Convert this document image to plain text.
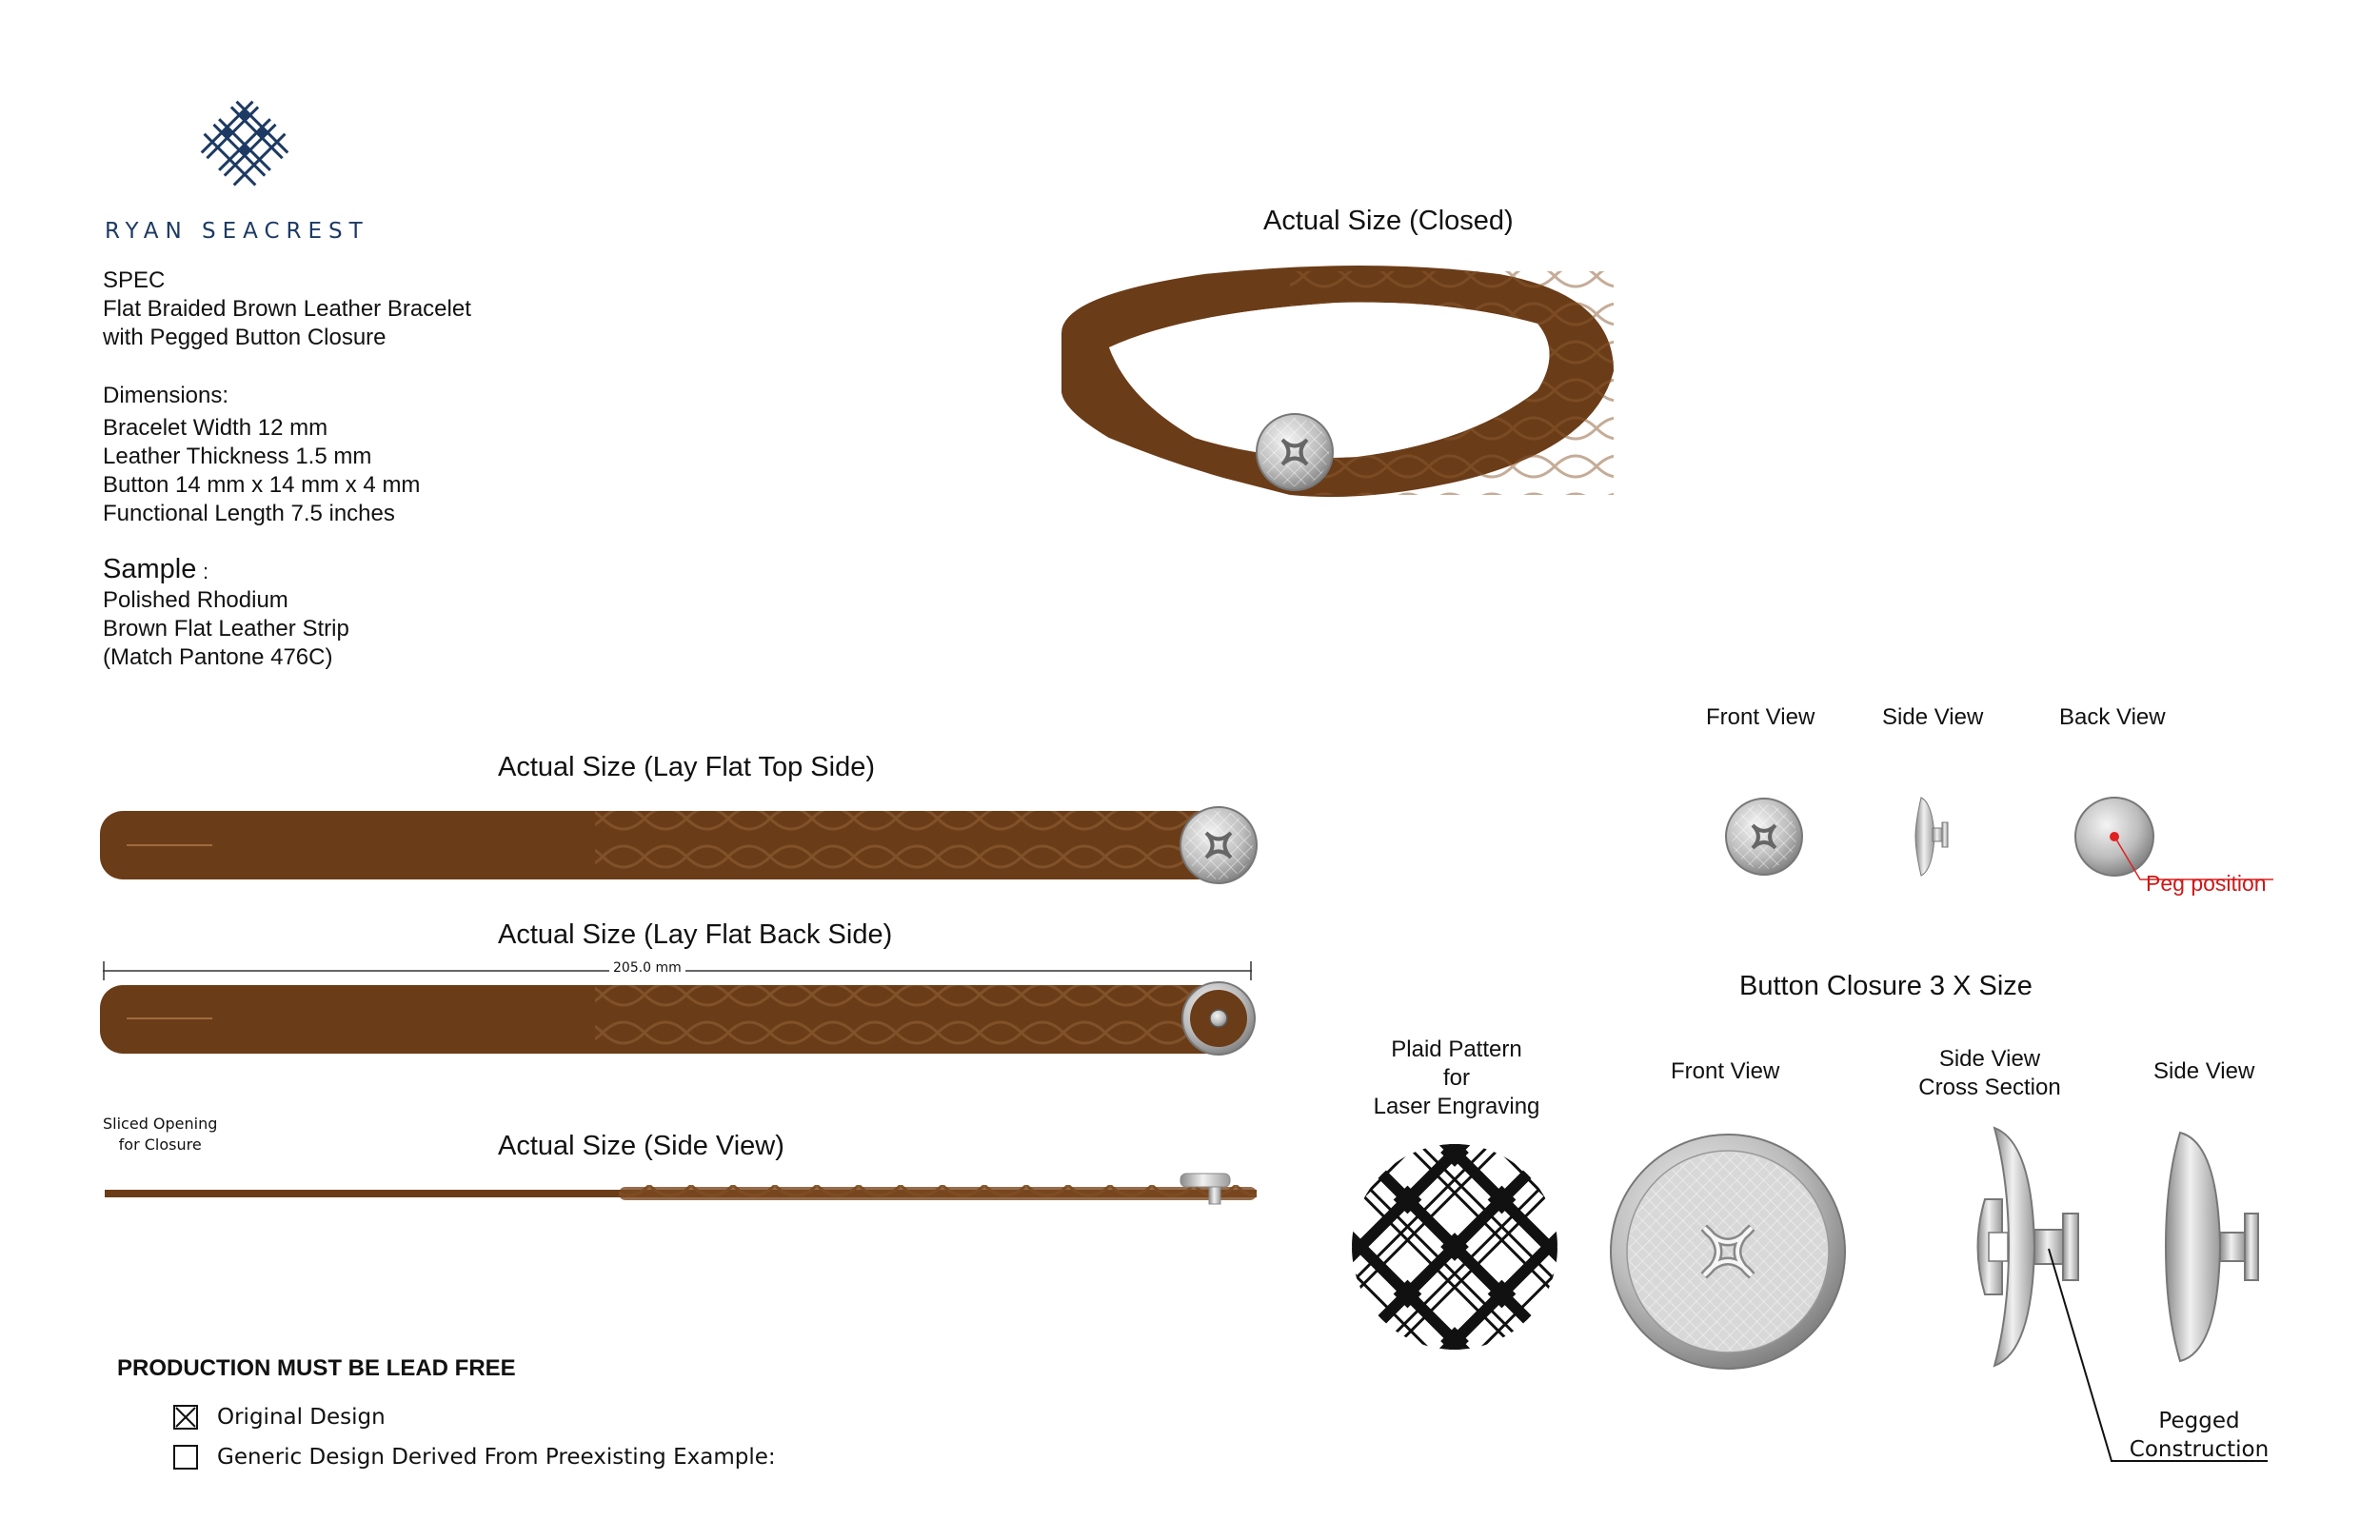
RYAN SEACREST
SPEC
Flat Braided Brown Leather Bracelet
with Pegged Button Closure
Dimensions:
Bracelet Width 12 mm
Leather Thickness 1.5 mm
Button 14 mm x 14 mm x 4 mm
Functional Length 7.5 inches
Sample :
Polished Rhodium
Brown Flat Leather Strip
(Match Pantone 476C)
Actual Size (Closed)
Actual Size (Lay Flat Top Side)
Actual Size (Lay Flat Back Side)
205.0 mm
Sliced Opening
for Closure	Actual Size (Side View)
PRODUCTION MUST BE LEAD FREE
Original Design
Generic Design Derived From Preexisting Example:
Front View	Side View	Back View
Peg position
Button Closure 3 X Size
Plaid Pattern
for
Laser Engraving
Front View	Side View
Cross Section
Side View
Pegged
Construction
